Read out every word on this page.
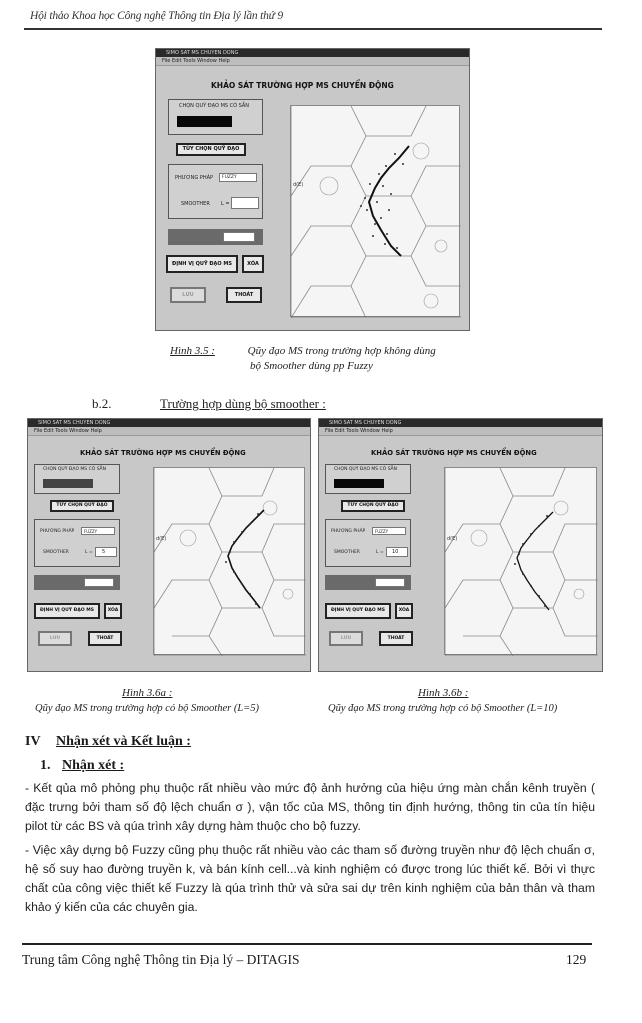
Hội thảo Khoa học Công nghệ Thông tin Địa lý lần thứ 9
SIMO SAT MS CHUYEN DONG
File Edit Tools Window Help
KHẢO SÁT TRƯỜNG HỢP MS CHUYỂN ĐỘNG
CHỌN QUỸ ĐẠO MS CÓ SẴN
TÙY CHỌN QUỸ ĐẠO
PHƯƠNG PHÁP FUZZY
SMOOTHER L =
ĐỊNH VỊ QUỸ ĐẠO MS	XÓA
LƯU	THOÁT
d(E)
Hình 3.5 :	Qũy đạo MS trong trường hợp không dùng
bộ Smoother dùng pp Fuzzy
b.2.	Trường hợp dùng bộ smoother :
SIMO SAT MS CHUYEN DONG
File Edit Tools Window Help
KHẢO SÁT TRƯỜNG HỢP MS CHUYỂN ĐỘNG
CHỌN QUỸ ĐẠO MS CÓ SẴN
TÙY CHỌN QUỸ ĐẠO
PHƯƠNG PHÁP FUZZY
SMOOTHER	L = 5
ĐỊNH VỊ QUỸ ĐẠO MS	XÓA
LƯU	THOÁT
d(E)
SIMO SAT MS CHUYEN DONG
File Edit Tools Window Help
KHẢO SÁT TRƯỜNG HỢP MS CHUYỂN ĐỘNG
CHỌN QUỸ ĐẠO MS CÓ SẴN
TÙY CHỌN QUỸ ĐẠO
PHƯƠNG PHÁP FUZZY
SMOOTHER	L = 10
ĐỊNH VỊ QUỸ ĐẠO MS	XÓA
LƯU	THOÁT
d(E)
Hình 3.6a :
Qũy đạo MS trong trường hợp có bộ Smoother (L=5)
Hình 3.6b :
Qũy đạo MS trong trường hợp có bộ Smoother (L=10)
IV Nhận xét và Kết luận :
1. Nhận xét :
- Kết qủa mô phỏng phụ thuộc rất nhiều vào mức độ ảnh hưởng của hiệu ứng màn chắn kênh truyền ( đặc trưng bởi tham số độ lệch chuẩn σ ), vận tốc của MS, thông tin định hướng, thông tin của tín hiệu pilot từ các BS và qúa trình xây dựng hàm thuộc cho bộ fuzzy.
- Việc xây dựng bộ Fuzzy cũng phụ thuộc rất nhiều vào các tham số đường truyền như độ lệch chuẩn σ, hệ số suy hao đường truyền k, và bán kính cell...và kinh nghiệm có được trong lúc thiết kế. Bởi vì thực chất của công việc thiết kế Fuzzy là qúa trình thử và sửa sai dự trên kinh nghiệm của bản thân và tham khảo ý kiến của các chuyên gia.
Trung tâm Công nghệ Thông tin Địa lý – DITAGIS	129
